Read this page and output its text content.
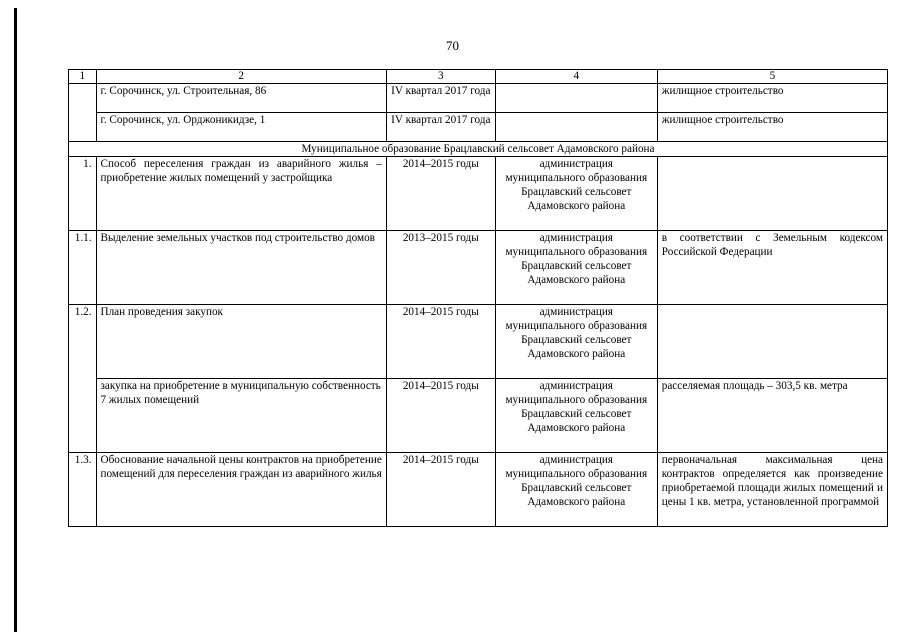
70
1	2	3	4	5
	г. Сорочинск, ул. Строительная, 86	IV квартал 2017 года		жилищное строительство
	г. Сорочинск, ул. Орджоникидзе, 1	IV квартал 2017 года		жилищное строительство
Муниципальное образование Брацлавский сельсовет Адамовского района				
1.	Способ переселения граждан из аварийного жилья – приобретение жилых помещений у застройщика	2014–2015 годы	администрация муниципального образования Брацлавский сельсовет Адамовского района	
1.1.	Выделение земельных участков под строительство домов	2013–2015 годы	администрация муниципального образования Брацлавский сельсовет Адамовского района	в соответствии с Земельным кодексом Российской Федерации
1.2.	План проведения закупок	2014–2015 годы	администрация муниципального образования Брацлавский сельсовет Адамовского района	
	закупка на приобретение в муниципальную собственность 7 жилых помещений	2014–2015 годы	администрация муниципального образования Брацлавский сельсовет Адамовского района	расселяемая площадь – 303,5 кв. метра
1.3.	Обоснование начальной цены контрактов на приобретение помещений для переселения граждан из аварийного жилья	2014–2015 годы	администрация муниципального образования Брацлавский сельсовет Адамовского района	первоначальная максимальная цена контрактов определяется как произведение приобретаемой площади жилых помещений и цены 1 кв. метра, установленной программой
